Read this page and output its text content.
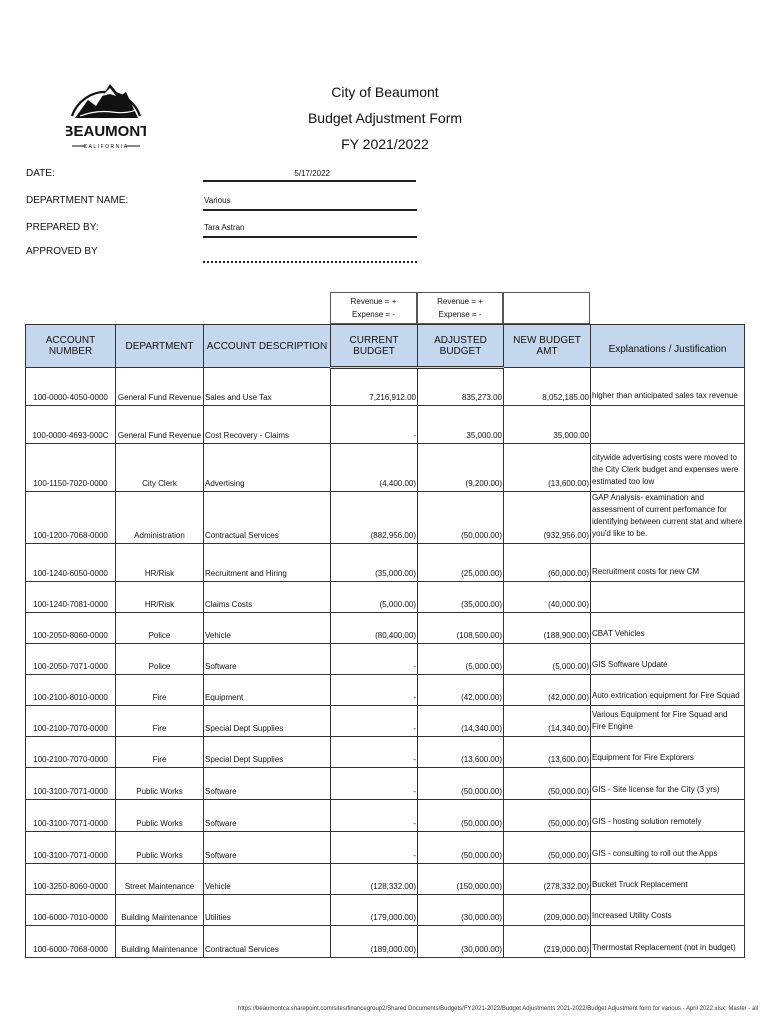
BEAUMONT
CALIFORNIA
City of Beaumont
Budget Adjustment Form
FY 2021/2022
DATE:	5/17/2022
DEPARTMENT NAME:	Various
PREPARED BY:	Tara Astran
APPROVED BY
Revenue = +
Expense = -
Revenue = +
Expense = -
ACCOUNT NUMBER	DEPARTMENT	ACCOUNT DESCRIPTION	CURRENT BUDGET	ADJUSTED BUDGET	NEW BUDGET AMT	Explanations / Justification
100-0000-4050-0000	General Fund Revenue	Sales and Use Tax	7,216,912.00	835,273.00	8,052,185.00	higher than anticipated sales tax revenue
100-0000-4693-000C	General Fund Revenue	Cost Recovery - Claims	-	35,000.00	35,000.00	
100-1150-7020-0000	City Clerk	Advertising	(4,400.00)	(9,200.00)	(13,600.00)	citywide advertising costs were moved to the City Clerk budget and expenses were estimated too low
100-1200-7068-0000	Administration	Contractual Services	(882,956.00)	(50,000.00)	(932,956.00)	GAP Analysis- examination and assessment of current perfomance for identifying between current stat and where you'd like to be.
100-1240-6050-0000	HR/Risk	Recruitment and Hiring	(35,000.00)	(25,000.00)	(60,000.00)	Recruitment costs for new CM
100-1240-7081-0000	HR/Risk	Claims Costs	(5,000.00)	(35,000.00)	(40,000.00)	
100-2050-8060-0000	Police	Vehicle	(80,400.00)	(108,500.00)	(188,900.00)	CBAT Vehicles
100-2050-7071-0000	Police	Software	-	(5,000.00)	(5,000.00)	GIS Software Update
100-2100-8010-0000	Fire	Equipment	-	(42,000.00)	(42,000.00)	Auto extrication equipment for Fire Squad
100-2100-7070-0000	Fire	Special Dept Supplies	-	(14,340.00)	(14,340.00)	Various Equipment for Fire Squad and Fire Engine
100-2100-7070-0000	Fire	Special Dept Supplies	-	(13,600.00)	(13,600.00)	Equipment for Fire Explorers
100-3100-7071-0000	Public Works	Software	-	(50,000.00)	(50,000.00)	GIS - Site license for the City (3 yrs)
100-3100-7071-0000	Public Works	Software	-	(50,000.00)	(50,000.00)	GIS - hosting solution remotely
100-3100-7071-0000	Public Works	Software	-	(50,000.00)	(50,000.00)	GIS - consulting to roll out the Apps
100-3250-8060-0000	Street Maintenance	Vehicle	(128,332.00)	(150,000.00)	(278,332.00)	Bucket Truck Replacement
100-6000-7010-0000	Building Maintenance	Utilities	(179,000.00)	(30,000.00)	(209,000.00)	Increased Utility Costs
100-6000-7068-0000	Building Maintenance	Contractual Services	(189,000.00)	(30,000.00)	(219,000.00)	Thermostat Replacement (not in budget)
https://beaumontca.sharepoint.com/sites/financegroup2/Shared Documents/Budgets/FY2021-2022/Budget Adjustments 2021-2022/Budget Adjustment form for various - April 2022.xlsx: Master - all
